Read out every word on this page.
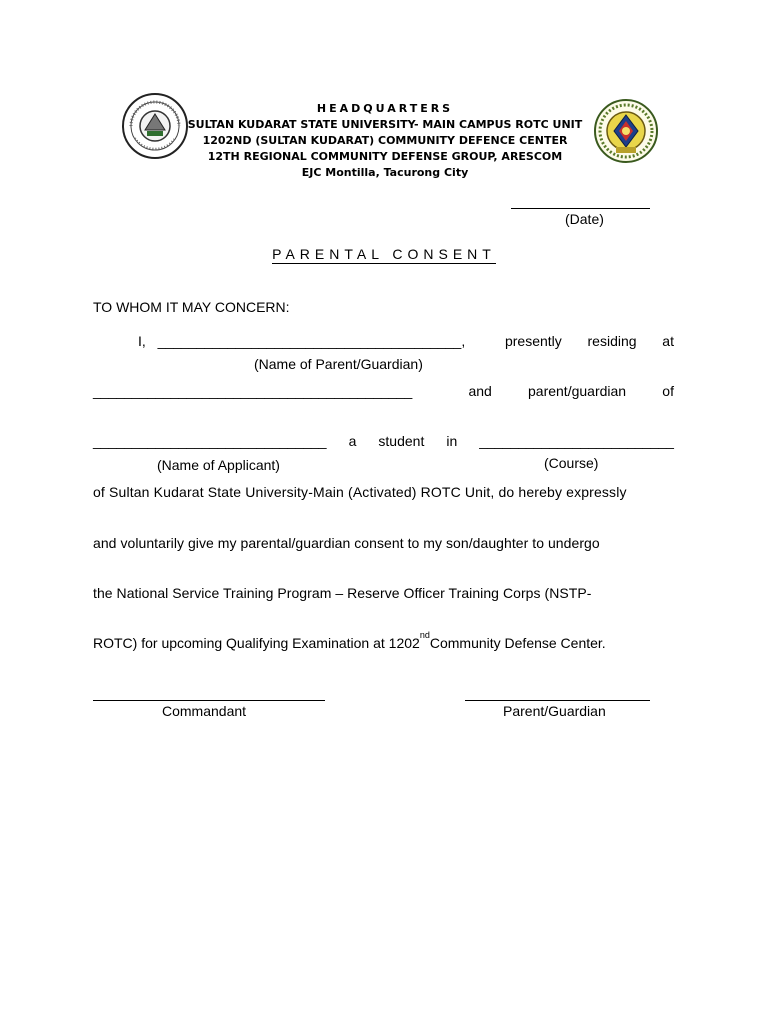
HEADQUARTERS
SULTAN KUDARAT STATE UNIVERSITY- MAIN CAMPUS ROTC UNIT
1202ND (SULTAN KUDARAT) COMMUNITY DEFENCE CENTER
12TH REGIONAL COMMUNITY DEFENSE GROUP, ARESCOM
EJC Montilla, Tacurong City
(Date)
PARENTAL CONSENT
TO WHOM IT MAY CONCERN:
I, _______________________________________,	presently residing at
(Name of Parent/Guardian)
_________________________________________	and	parent/guardian	of
______________________________ a student in _________________________
(Name of Applicant)	(Course)
of Sultan Kudarat State University-Main (Activated) ROTC Unit, do hereby expressly
and voluntarily give my parental/guardian consent to my son/daughter to undergo
the National Service Training Program – Reserve Officer Training Corps (NSTP-
ROTC) for upcoming Qualifying Examination at 1202 nd Community Defense Center.
Commandant	Parent/Guardian
